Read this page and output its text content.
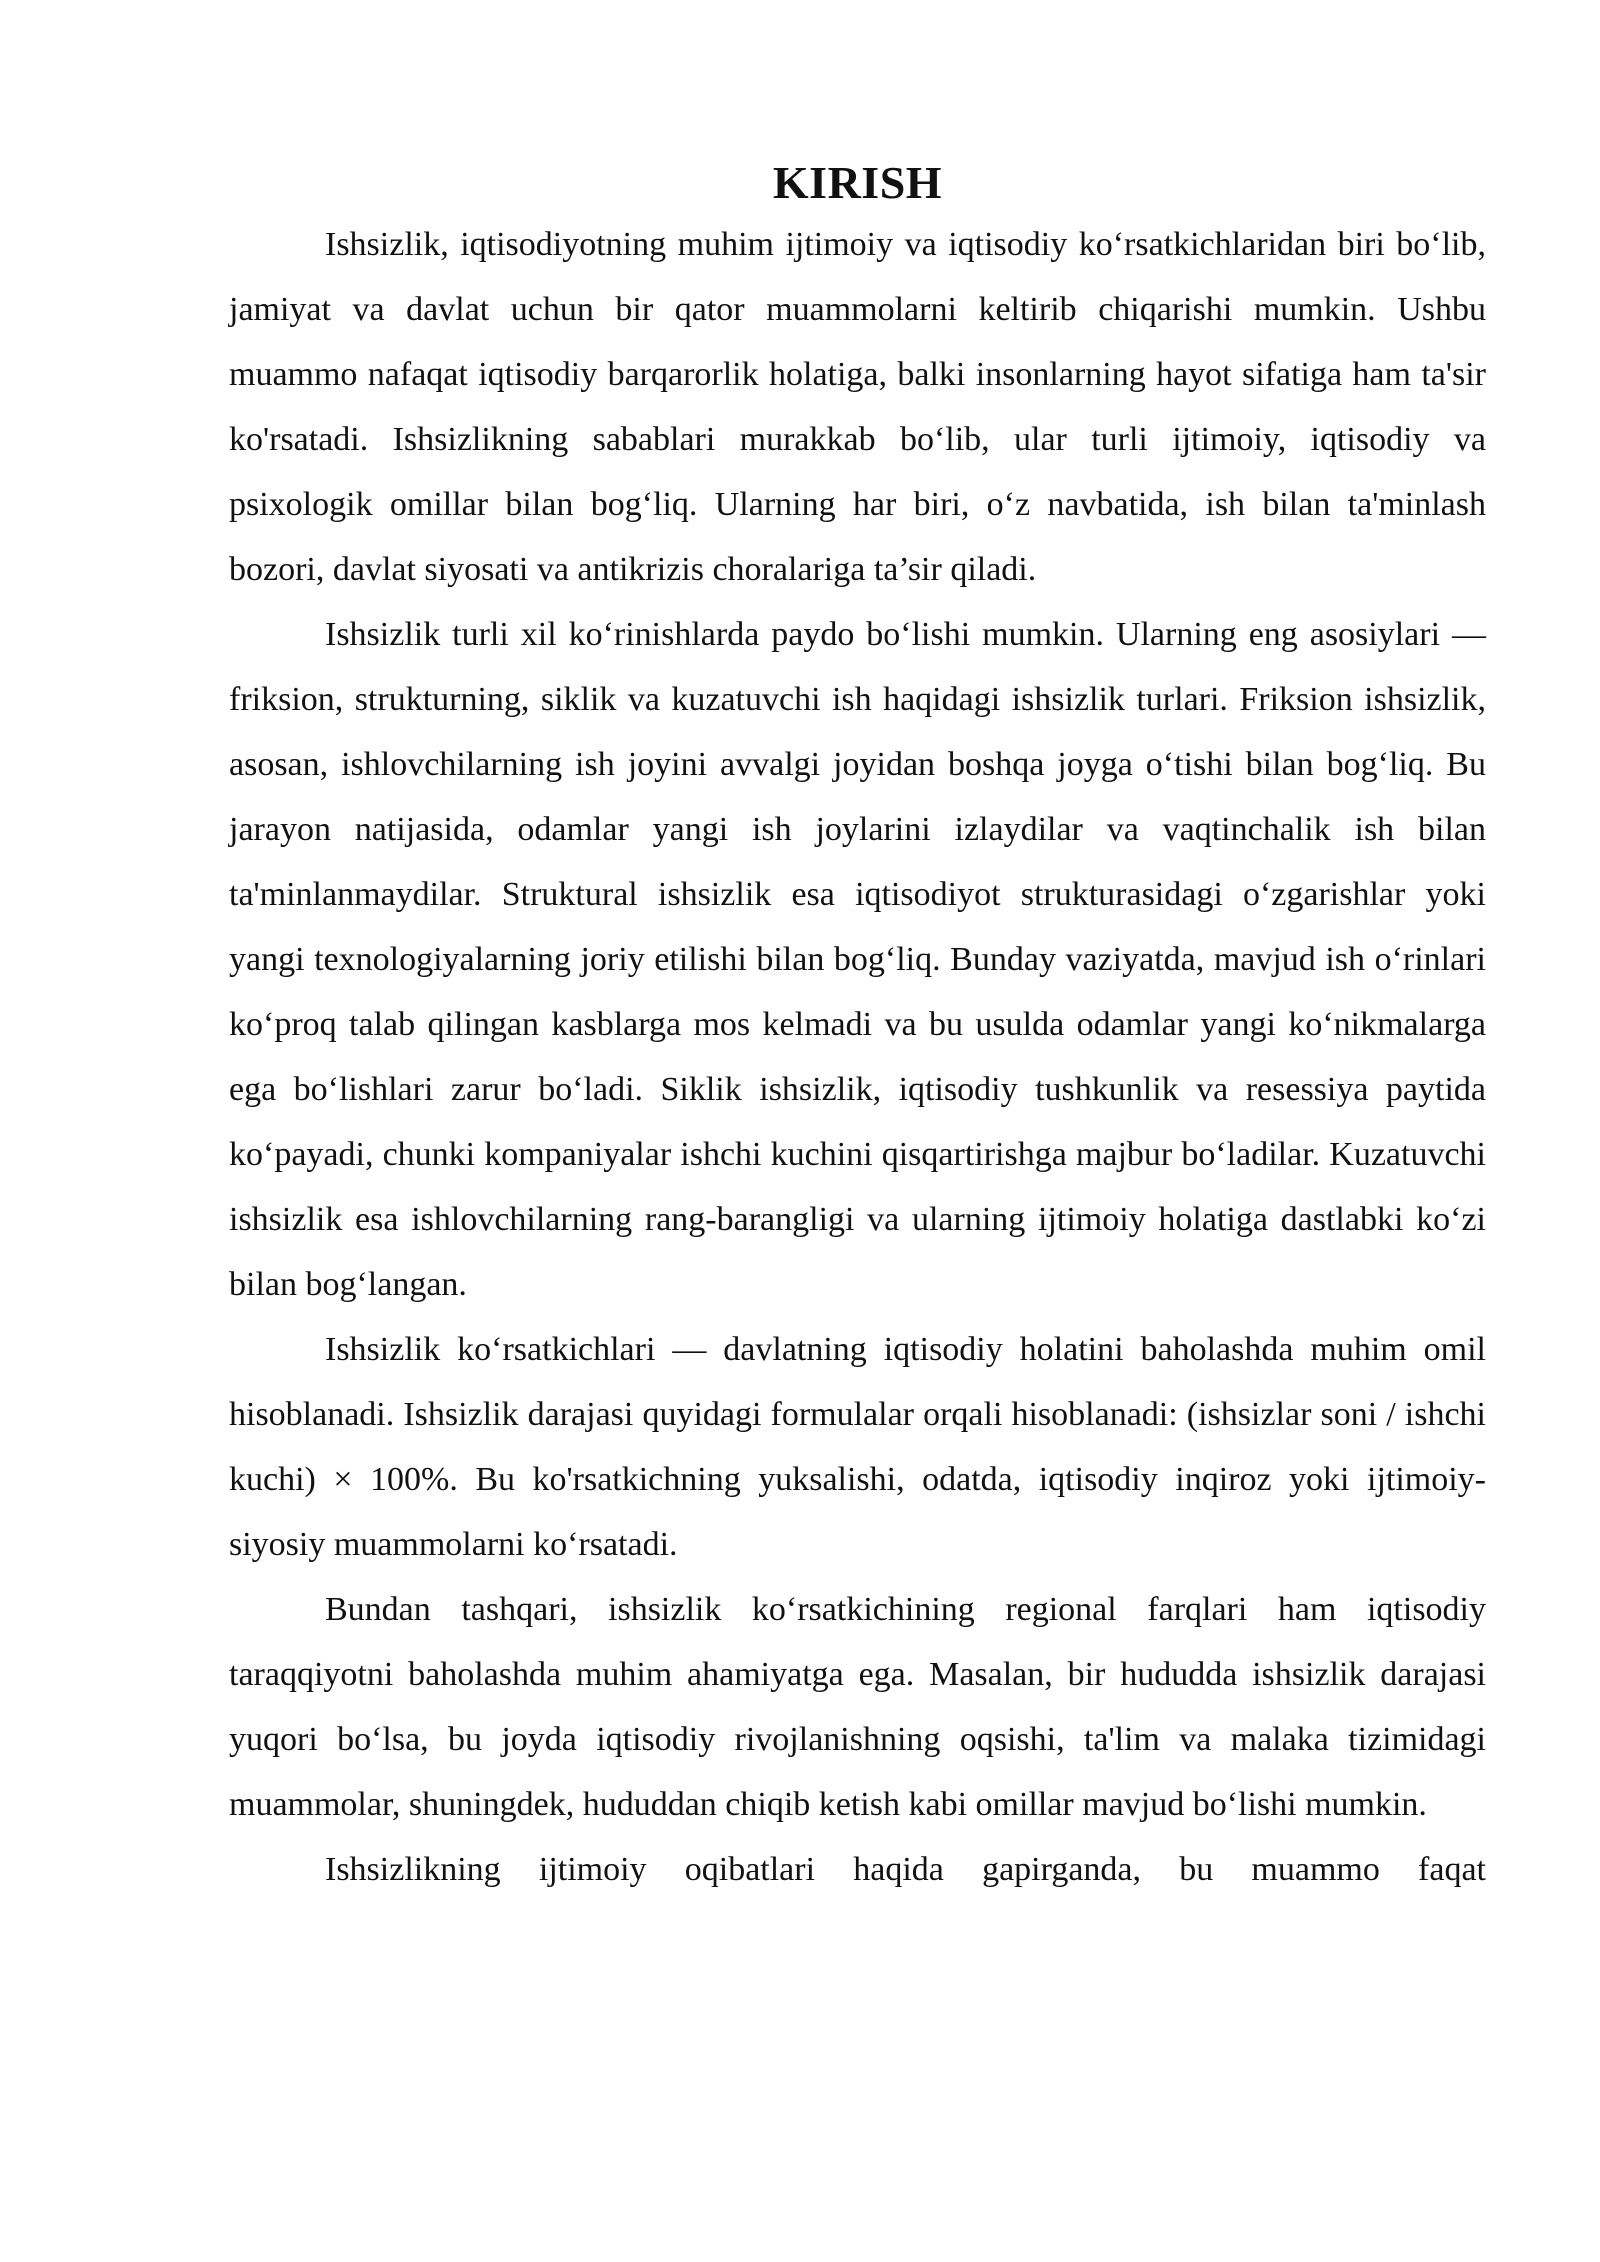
KIRISH

Ishsizlik, iqtisodiyotning muhim ijtimoiy va iqtisodiy ko‘rsatkichlaridan biri bo‘lib, jamiyat va davlat uchun bir qator muammolarni keltirib chiqarishi mumkin. Ushbu muammo nafaqat iqtisodiy barqarorlik holatiga, balki insonlarning hayot sifatiga ham ta'sir ko'rsatadi. Ishsizlikning sabablari murakkab bo‘lib, ular turli ijtimoiy, iqtisodiy va psixologik omillar bilan bog‘liq. Ularning har biri, o‘z navbatida, ish bilan ta'minlash bozori, davlat siyosati va antikrizis choralariga ta’sir qiladi.

Ishsizlik turli xil ko‘rinishlarda paydo bo‘lishi mumkin. Ularning eng asosiylari — friksion, strukturning, siklik va kuzatuvchi ish haqidagi ishsizlik turlari. Friksion ishsizlik, asosan, ishlovchilarning ish joyini avvalgi joyidan boshqa joyga o‘tishi bilan bog‘liq. Bu jarayon natijasida, odamlar yangi ish joylarini izlaydilar va vaqtinchalik ish bilan ta'minlanmaydilar. Struktural ishsizlik esa iqtisodiyot strukturasidagi o‘zgarishlar yoki yangi texnologiyalarning joriy etilishi bilan bog‘liq. Bunday vaziyatda, mavjud ish o‘rinlari ko‘proq talab qilingan kasblarga mos kelmadi va bu usulda odamlar yangi ko‘nikmalarga ega bo‘lishlari zarur bo‘ladi. Siklik ishsizlik, iqtisodiy tushkunlik va resessiya paytida ko‘payadi, chunki kompaniyalar ishchi kuchini qisqartirishga majbur bo‘ladilar. Kuzatuvchi ishsizlik esa ishlovchilarning rang-barangligi va ularning ijtimoiy holatiga dastlabki ko‘zi bilan bog‘langan.

Ishsizlik ko‘rsatkichlari — davlatning iqtisodiy holatini baholashda muhim omil hisoblanadi. Ishsizlik darajasi quyidagi formulalar orqali hisoblanadi: (ishsizlar soni / ishchi kuchi) × 100%. Bu ko'rsatkichning yuksalishi, odatda, iqtisodiy inqiroz yoki ijtimoiy-siyosiy muammolarni ko‘rsatadi.

Bundan tashqari, ishsizlik ko‘rsatkichining regional farqlari ham iqtisodiy taraqqiyotni baholashda muhim ahamiyatga ega. Masalan, bir hududda ishsizlik darajasi yuqori bo‘lsa, bu joyda iqtisodiy rivojlanishning oqsishi, ta'lim va malaka tizimidagi muammolar, shuningdek, hududdan chiqib ketish kabi omillar mavjud bo‘lishi mumkin.

Ishsizlikning ijtimoiy oqibatlari haqida gapirganda, bu muammo faqat
